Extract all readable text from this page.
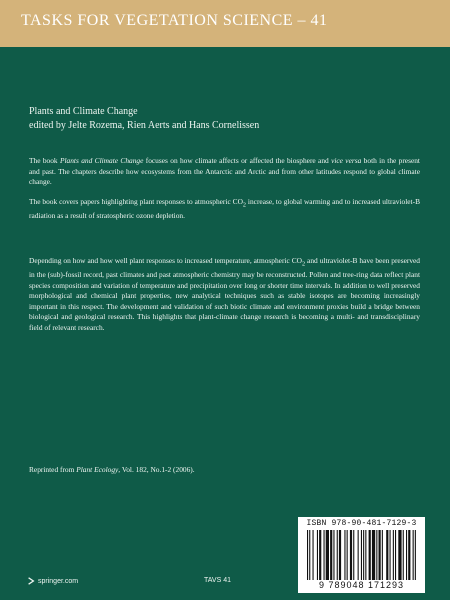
TASKS FOR VEGETATION SCIENCE – 41
Plants and Climate Change
edited by Jelte Rozema, Rien Aerts and Hans Cornelissen
The book Plants and Climate Change focuses on how climate affects or affected the biosphere and vice versa both in the present and past. The chapters describe how ecosystems from the Antarctic and Arctic and from other latitudes respond to global climate change.
The book covers papers highlighting plant responses to atmospheric $CO_2$ increase, to global warming and to increased ultraviolet-B radiation as a result of stratospheric ozone depletion.
Depending on how and how well plant responses to increased temperature, atmospheric $CO_2$ and ultraviolet-B have been preserved in the (sub)-fossil record, past climates and past atmospheric chemistry may be reconstructed. Pollen and tree-ring data reflect plant species composition and variation of temperature and precipitation over long or shorter time intervals. In addition to well preserved morphological and chemical plant properties, new analytical techniques such as stable isotopes are becoming increasingly important in this respect. The development and validation of such biotic climate and environment proxies build a bridge between biological and geological research. This highlights that plant-climate change research is becoming a multi- and transdisciplinary field of relevant research.
Reprinted from Plant Ecology, Vol. 182, No.1-2 (2006).
ISBN 978-90-481-7129-3
9 789048 171293
springer.com	TAVS 41
